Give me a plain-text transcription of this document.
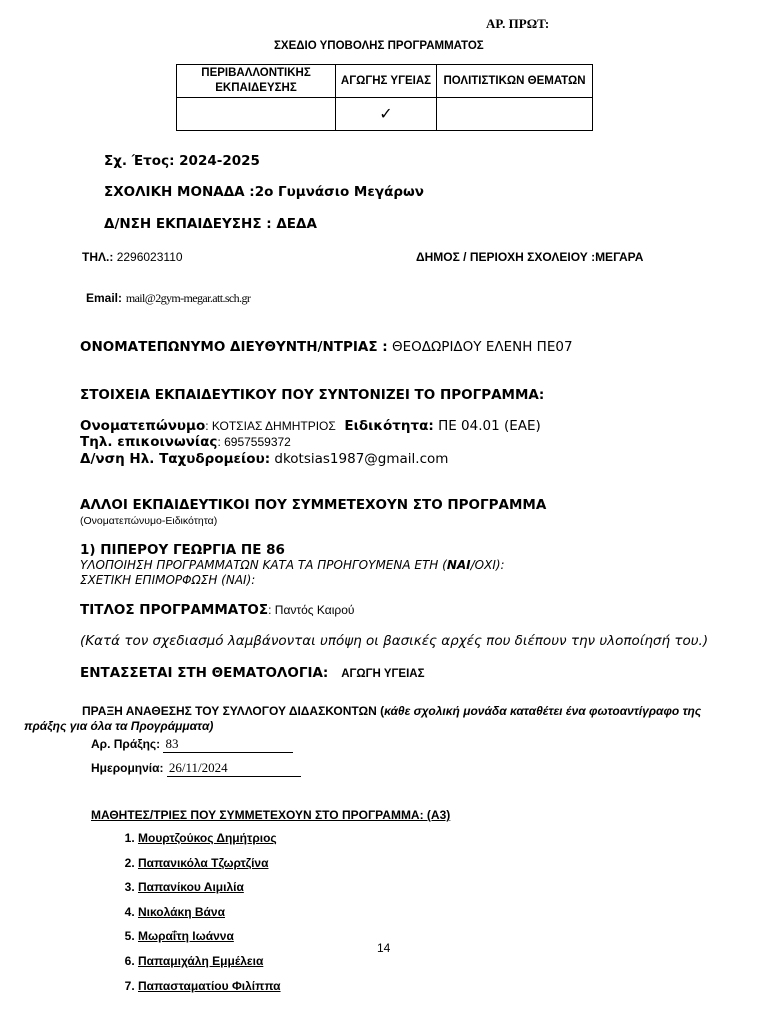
ΑΡ. ΠΡΩΤ:
ΣΧΕΔΙΟ ΥΠΟΒΟΛΗΣ ΠΡΟΓΡΑΜΜΑΤΟΣ
ΠΕΡΙΒΑΛΛΟΝΤΙΚΗΣ ΕΚΠΑΙΔΕΥΣΗΣ	ΑΓΩΓΗΣ ΥΓΕΙΑΣ	ΠΟΛΙΤΙΣΤΙΚΩΝ ΘΕΜΑΤΩΝ
	✓	
Σχ. Έτος: 2024-2025
ΣΧΟΛΙΚΗ ΜΟΝΑΔΑ :2ο Γυμνάσιο Μεγάρων
Δ/ΝΣΗ ΕΚΠΑΙΔΕΥΣΗΣ : ΔΕΔΑ
ΤΗΛ.: 2296023110	ΔΗΜΟΣ / ΠΕΡΙΟΧΗ ΣΧΟΛΕΙΟΥ :ΜΕΓΑΡΑ
Email: mail@2gym-megar.att.sch.gr
ΟΝΟΜΑΤΕΠΩΝΥΜΟ ΔΙΕΥΘΥΝΤΗ/ΝΤΡΙΑΣ : ΘΕΟΔΩΡΙΔΟΥ ΕΛΕΝΗ ΠΕ07
ΣΤΟΙΧΕΙΑ ΕΚΠΑΙΔΕΥΤΙΚΟΥ ΠΟΥ ΣΥΝΤΟΝΙΖΕΙ ΤΟ ΠΡΟΓΡΑΜΜΑ:
Ονοματεπώνυμο: ΚΟΤΣΙΑΣ ΔΗΜΗΤΡΙΟΣ Ειδικότητα: ΠΕ 04.01 (ΕΑΕ)
Τηλ. επικοινωνίας: 6957559372
Δ/νση Ηλ. Ταχυδρομείου: dkotsias1987@gmail.com
ΑΛΛΟΙ ΕΚΠΑΙΔΕΥΤΙΚΟΙ ΠΟΥ ΣΥΜΜΕΤΕΧΟΥΝ ΣΤΟ ΠΡΟΓΡΑΜΜΑ
(Ονοματεπώνυμο-Ειδικότητα)
1) ΠΙΠΕΡΟΥ ΓΕΩΡΓΙΑ ΠΕ 86
ΥΛΟΠΟΙΗΣΗ ΠΡΟΓΡΑΜΜΑΤΩΝ ΚΑΤΑ ΤΑ ΠΡΟΗΓΟΥΜΕΝΑ ΕΤΗ (ΝΑΙ/ΟΧΙ):
ΣΧΕΤΙΚΗ ΕΠΙΜΟΡΦΩΣΗ (ΝΑΙ):
ΤΙΤΛΟΣ ΠΡΟΓΡΑΜΜΑΤΟΣ: Παντός Καιρού
(Κατά τον σχεδιασμό λαμβάνονται υπόψη οι βασικές αρχές που διέπουν την υλοποίησή του.)
ΕΝΤΑΣΣΕΤΑΙ ΣΤΗ ΘΕΜΑΤΟΛΟΓΙΑ: ΑΓΩΓΗ ΥΓΕΙΑΣ
ΠΡΑΞΗ ΑΝΑΘΕΣΗΣ ΤΟΥ ΣΥΛΛΟΓΟΥ ΔΙΔΑΣΚΟΝΤΩΝ (κάθε σχολική μονάδα καταθέτει ένα φωτοαντίγραφο της
πράξης για όλα τα Προγράμματα)
Αρ. Πράξης: 83
Ημερομηνία: 26/11/2024
ΜΑΘΗΤΕΣ/ΤΡΙΕΣ ΠΟΥ ΣΥΜΜΕΤΕΧΟΥΝ ΣΤΟ ΠΡΟΓΡΑΜΜΑ: (Α3)
1. Μουρτζούκος Δημήτριος
2. Παπανικόλα Τζωρτζίνα
3. Παπανίκου Αιμιλία
4. Νικολάκη Βάνα
5. Μωραΐτη Ιωάννα
6. Παπαμιχάλη Εμμέλεια
7. Παπασταματίου Φιλίππα
14
